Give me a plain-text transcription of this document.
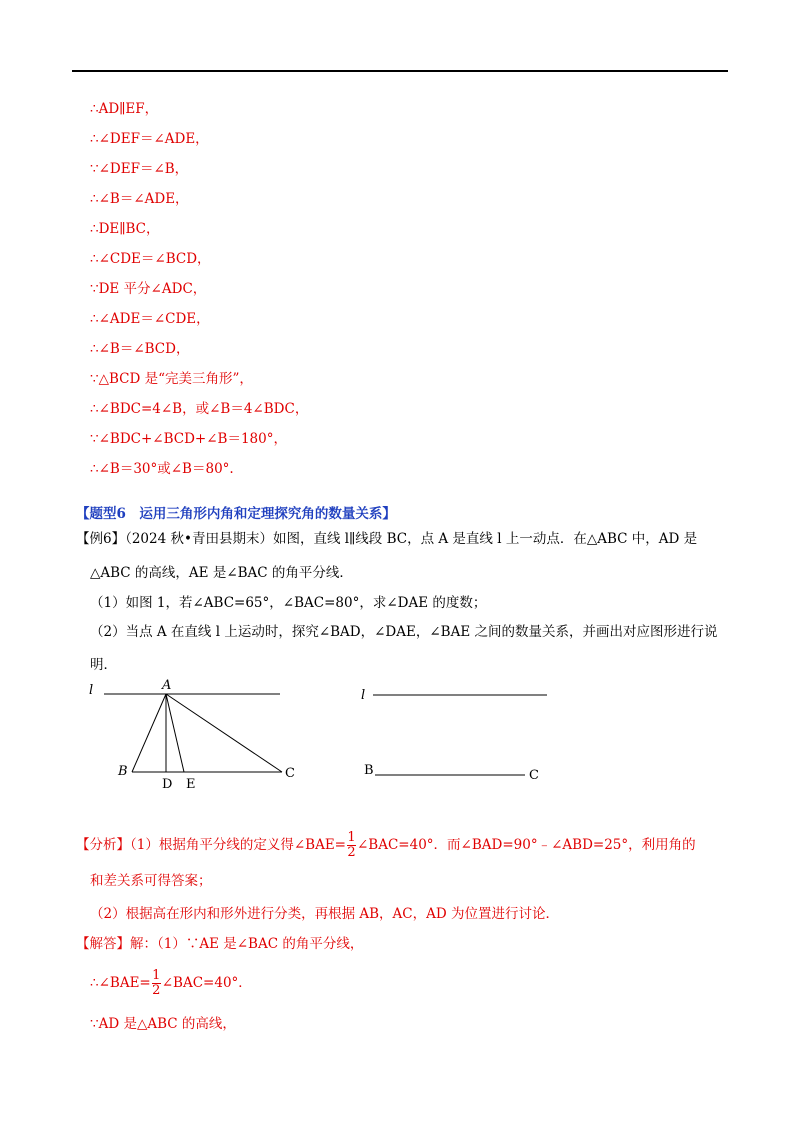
∴AD∥EF，
∴∠DEF＝∠ADE，
∵∠DEF＝∠B，
∴∠B＝∠ADE，
∴DE∥BC，
∴∠CDE＝∠BCD，
∵DE 平分∠ADC，
∴∠ADE＝∠CDE，
∴∠B＝∠BCD，
∵△BCD 是“完美三角形”，
∴∠BDC=4∠B，或∠B＝4∠BDC，
∵∠BDC+∠BCD+∠B＝180°，
∴∠B＝30°或∠B＝80°.
【题型6　运用三角形内角和定理探究角的数量关系】
【例6】（2024 秋•青田县期末）如图，直线 l∥线段 BC，点 A 是直线 l 上一动点．在△ABC 中，AD 是
△ABC 的高线，AE 是∠BAC 的角平分线．
（1）如图 1，若∠ABC=65°，∠BAC=80°，求∠DAE 的度数；
（2）当点 A 在直线 l 上运动时，探究∠BAD，∠DAE，∠BAE 之间的数量关系，并画出对应图形进行说
明．
l	A
B
D E
C
l
B	C
【分析】（1）根据角平分线的定义得∠BAE= $\frac{1}{2}$ ∠BAC=40°．而∠BAD=90°﹣∠ABD=25°，利用角的
和差关系可得答案；
（2）根据高在形内和形外进行分类，再根据 AB，AC，AD 为位置进行讨论．
【解答】解：（1）∵AE 是∠BAC 的角平分线，
∴∠BAE= $\frac{1}{2}$ ∠BAC=40°．
∵AD 是△ABC 的高线，
